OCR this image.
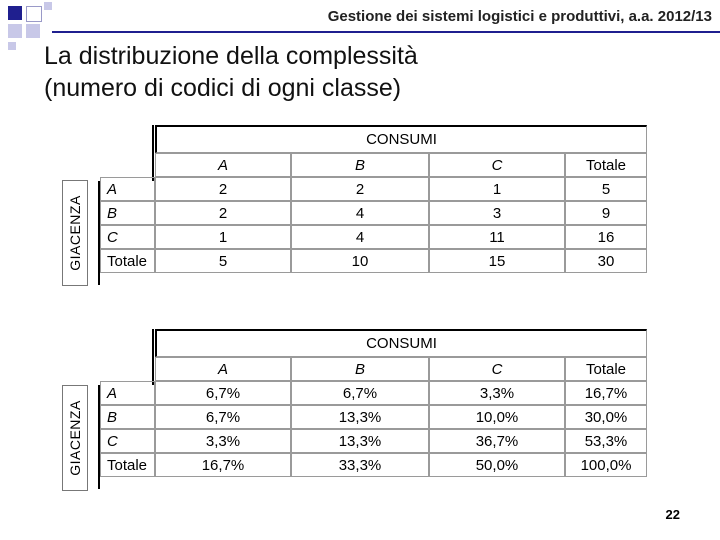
Gestione dei sistemi logistici e produttivi, a.a. 2012/13
La distribuzione della complessità
(numero di codici di ogni classe)
GIACENZA
	CONSUMI			
	A	B	C	Totale
A	2	2	1	5
B	2	4	3	9
C	1	4	11	16
Totale	5	10	15	30
GIACENZA
	CONSUMI			
	A	B	C	Totale
A	6,7%	6,7%	3,3%	16,7%
B	6,7%	13,3%	10,0%	30,0%
C	3,3%	13,3%	36,7%	53,3%
Totale	16,7%	33,3%	50,0%	100,0%
22
